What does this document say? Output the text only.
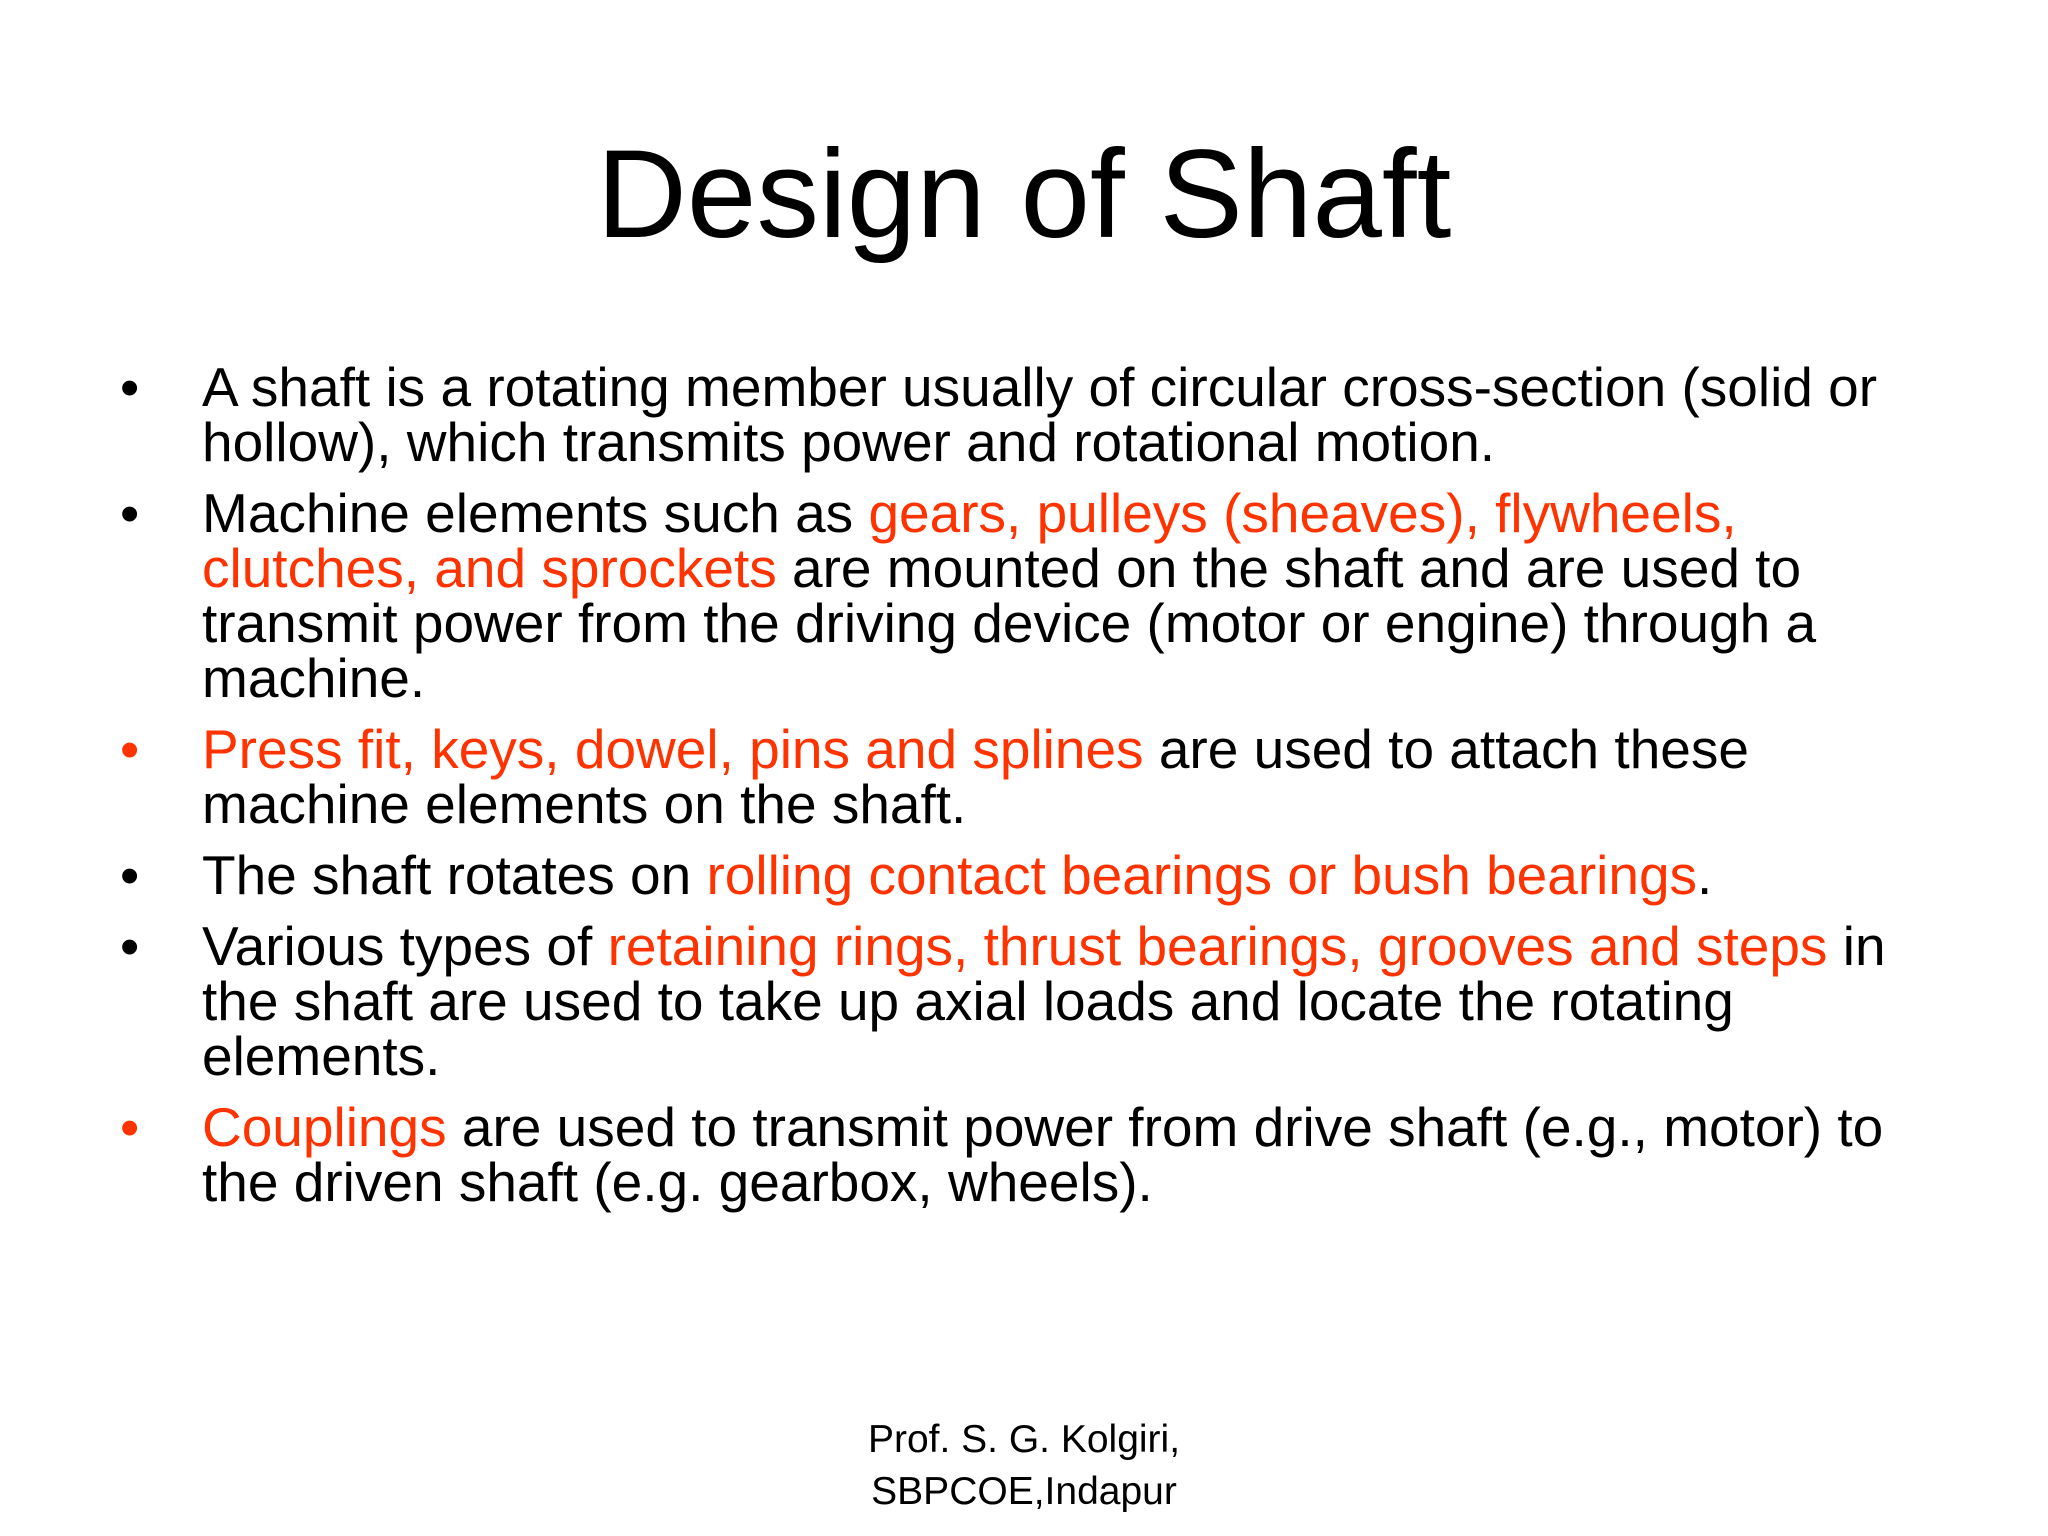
Design of Shaft
•	A shaft is a rotating member usually of circular cross-section (solid or hollow), which transmits power and rotational motion.
•	Machine elements such as gears, pulleys (sheaves), flywheels, clutches, and sprockets are mounted on the shaft and are used to transmit power from the driving device (motor or engine) through a machine.
•	Press fit, keys, dowel, pins and splines are used to attach these machine elements on the shaft.
•	The shaft rotates on rolling contact bearings or bush bearings.
•	Various types of retaining rings, thrust bearings, grooves and steps in the shaft are used to take up axial loads and locate the rotating elements.
•	Couplings are used to transmit power from drive shaft (e.g., motor) to the driven shaft (e.g. gearbox, wheels).
Prof. S. G. Kolgiri,
SBPCOE,Indapur
